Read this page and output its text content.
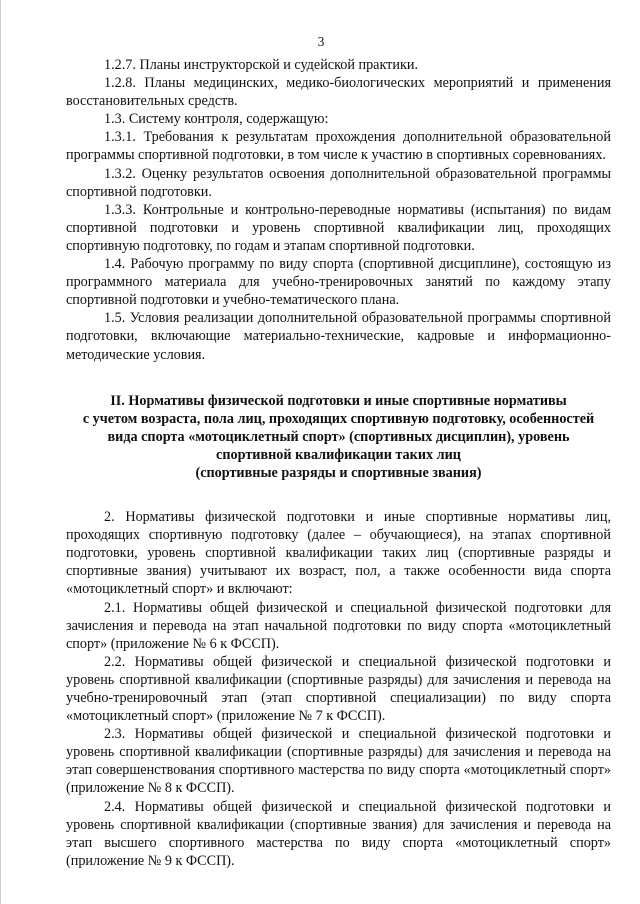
3

1.2.7. Планы инструкторской и судейской практики.

1.2.8. Планы медицинских, медико-биологических мероприятий и применения восстановительных средств.

1.3. Систему контроля, содержащую:

1.3.1. Требования к результатам прохождения дополнительной образовательной программы спортивной подготовки, в том числе к участию в спортивных соревнованиях.

1.3.2. Оценку результатов освоения дополнительной образовательной программы спортивной подготовки.

1.3.3. Контрольные и контрольно-переводные нормативы (испытания) по видам спортивной подготовки и уровень спортивной квалификации лиц, проходящих спортивную подготовку, по годам и этапам спортивной подготовки.

1.4. Рабочую программу по виду спорта (спортивной дисциплине), состоящую из программного материала для учебно-тренировочных занятий по каждому этапу спортивной подготовки и учебно-тематического плана.

1.5. Условия реализации дополнительной образовательной программы спортивной подготовки, включающие материально-технические, кадровые и информационно-методические условия.

II. Нормативы физической подготовки и иные спортивные нормативы
с учетом возраста, пола лиц, проходящих спортивную подготовку, особенностей
вида спорта «мотоциклетный спорт» (спортивных дисциплин), уровень
спортивной квалификации таких лиц
(спортивные разряды и спортивные звания)

2. Нормативы физической подготовки и иные спортивные нормативы лиц, проходящих спортивную подготовку (далее – обучающиеся), на этапах спортивной подготовки, уровень спортивной квалификации таких лиц (спортивные разряды и спортивные звания) учитывают их возраст, пол, а также особенности вида спорта «мотоциклетный спорт» и включают:

2.1. Нормативы общей физической и специальной физической подготовки для зачисления и перевода на этап начальной подготовки по виду спорта «мотоциклетный спорт» (приложение № 6 к ФССП).

2.2. Нормативы общей физической и специальной физической подготовки и уровень спортивной квалификации (спортивные разряды) для зачисления и перевода на учебно-тренировочный этап (этап спортивной специализации) по виду спорта «мотоциклетный спорт» (приложение № 7 к ФССП).

2.3. Нормативы общей физической и специальной физической подготовки и уровень спортивной квалификации (спортивные разряды) для зачисления и перевода на этап совершенствования спортивного мастерства по виду спорта «мотоциклетный спорт» (приложение № 8 к ФССП).

2.4. Нормативы общей физической и специальной физической подготовки и уровень спортивной квалификации (спортивные звания) для зачисления и перевода на этап высшего спортивного мастерства по виду спорта «мотоциклетный спорт» (приложение № 9 к ФССП).
